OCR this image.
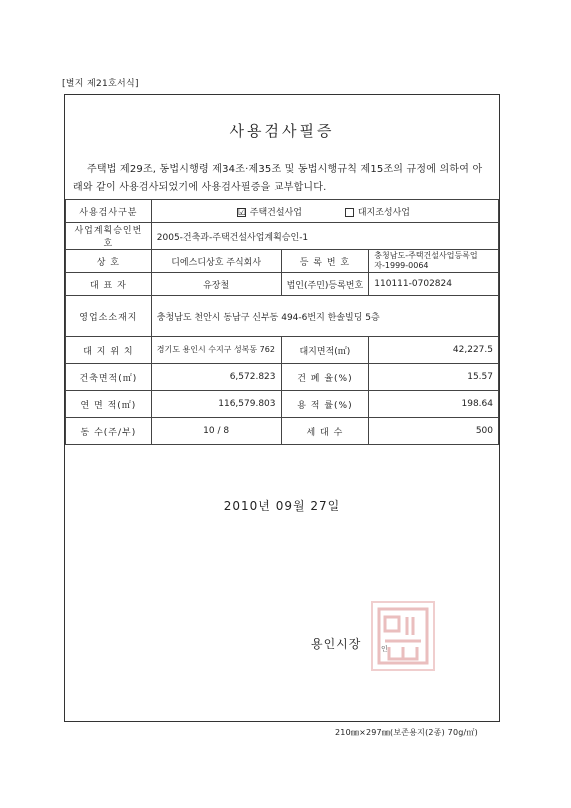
[별지 제21호서식]
사용검사필증
주택법 제29조, 동법시행령 제34조·제35조 및 동법시행규칙 제15조의 규정에 의하여 아래와 같이 사용검사되었기에 사용검사필증을 교부합니다.
사용검사구분	☑ 주택건설사업 대지조성사업		
사업계획승인번호	2005-건축과-주택건설사업계획승인-1		
상 호	디에스디상호 주식회사	등 록 번 호	충청남도-주택건설사업등록업자-1999-0064
대 표 자	유장철	법인(주민)등록번호	110111-0702824
영업소소재지	충청남도 천안시 동남구 신부동 494-6번지 한솔빌딩 5층		
대 지 위 치	경기도 용인시 수지구 성복동 762	대지면적(㎡)	42,227.5
건축면적(㎡)	6,572.823	건 폐 율(%)	15.57
연 면 적(㎡)	116,579.803	용 적 률(%)	198.64
동 수(주/부)	10 / 8	세 대 수	500
2010년 09월 27일
용인시장	인
210㎜×297㎜(보존용지(2종) 70g/㎡)
